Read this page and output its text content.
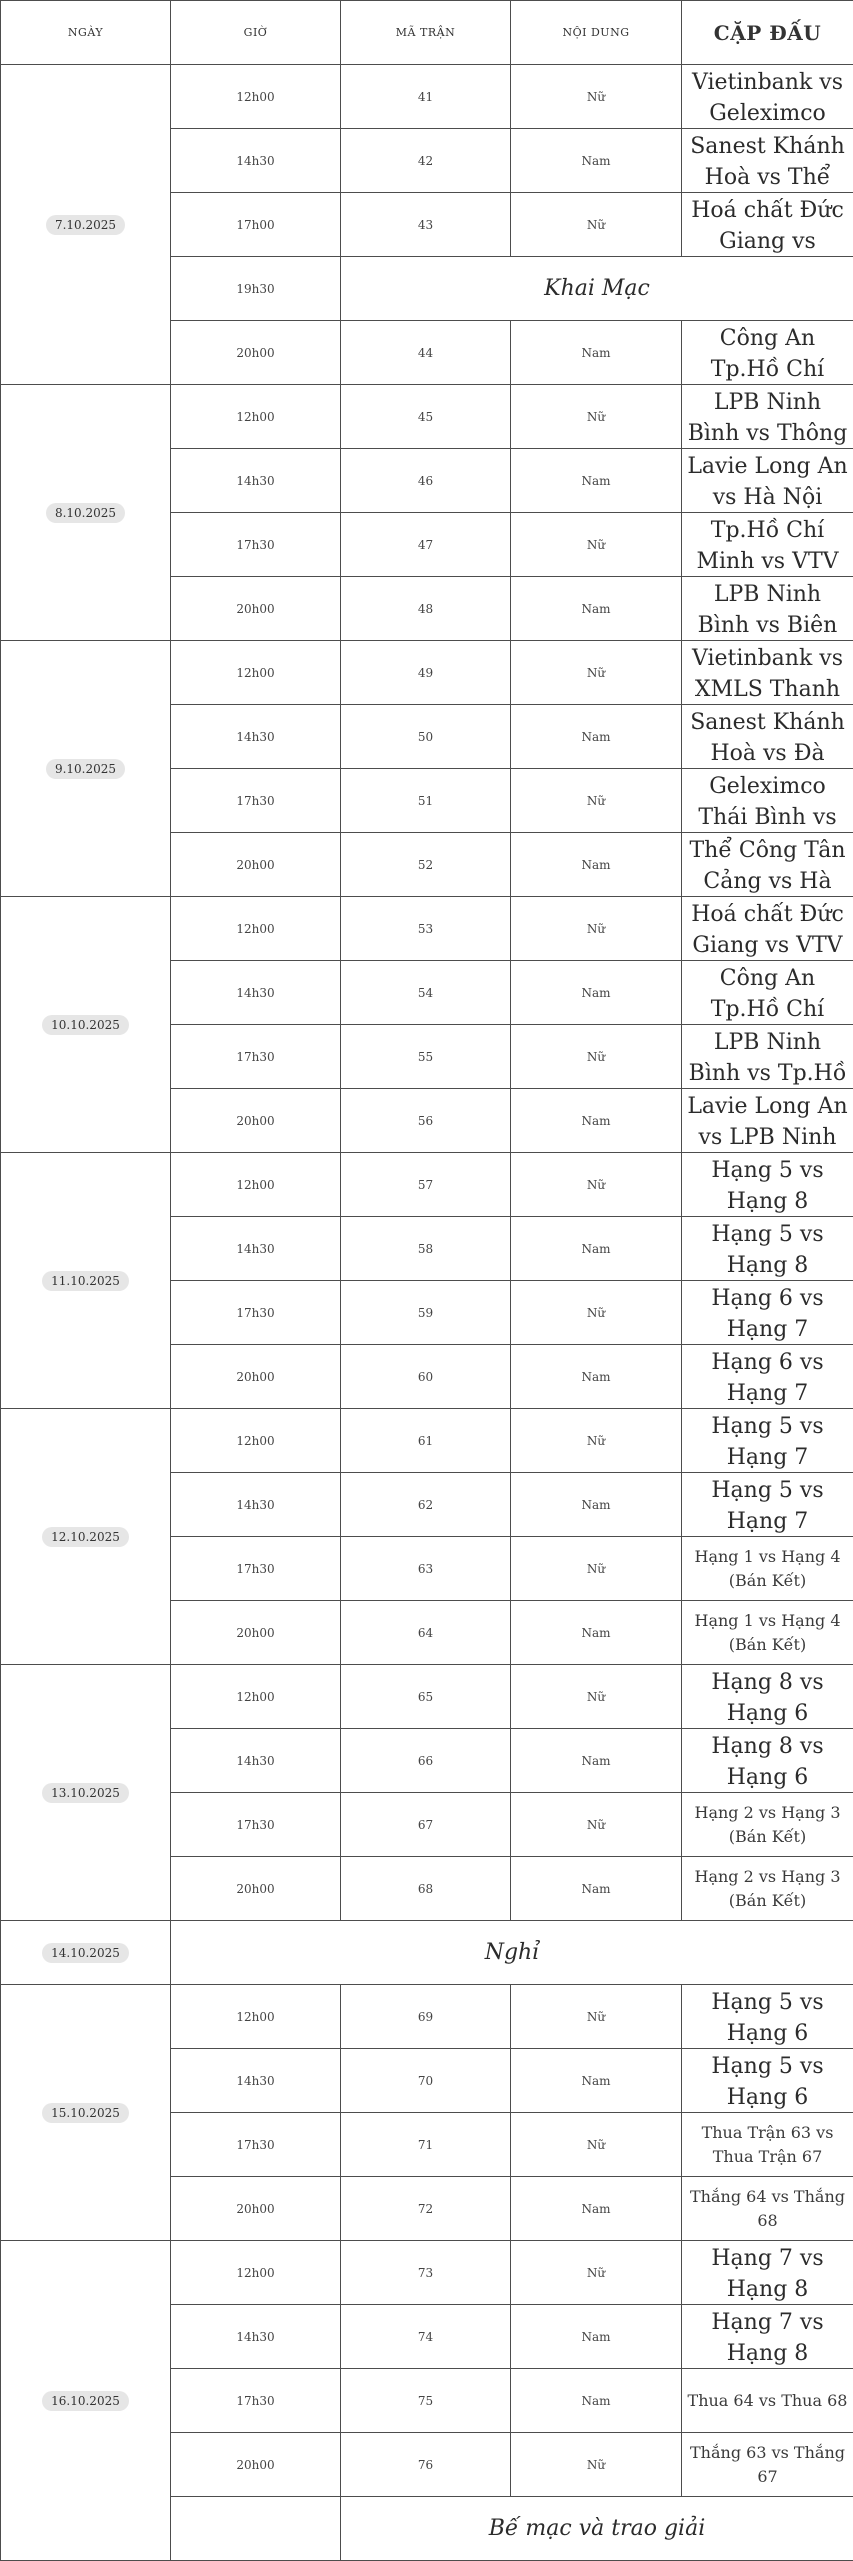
NGÀY	GIỜ	MÃ TRẬN	NỘI DUNG	CẶP ĐẤU
7.10.2025	12h00	41	Nữ	Vietinbank vs Geleximco

	14h30	42	Nam	Sanest Khánh Hoà vs Thể

	17h00	43	Nữ	Hoá chất Đức Giang vs

	19h30	Khai Mạc		
	20h00	44	Nam	Công An Tp.Hồ Chí

8.10.2025	12h00	45	Nữ	LPB Ninh Bình vs Thông

	14h30	46	Nam	Lavie Long An vs Hà Nội

	17h30	47	Nữ	Tp.Hồ Chí Minh vs VTV

	20h00	48	Nam	LPB Ninh Bình vs Biên

9.10.2025	12h00	49	Nữ	Vietinbank vs XMLS Thanh

	14h30	50	Nam	Sanest Khánh Hoà vs Đà

	17h30	51	Nữ	Geleximco Thái Bình vs

	20h00	52	Nam	Thể Công Tân Cảng vs Hà

10.10.2025	12h00	53	Nữ	Hoá chất Đức Giang vs VTV

	14h30	54	Nam	Công An Tp.Hồ Chí

	17h30	55	Nữ	LPB Ninh Bình vs Tp.Hồ

	20h00	56	Nam	Lavie Long An vs LPB Ninh

11.10.2025	12h00	57	Nữ	Hạng 5 vs Hạng 8

	14h30	58	Nam	Hạng 5 vs Hạng 8

	17h30	59	Nữ	Hạng 6 vs Hạng 7

	20h00	60	Nam	Hạng 6 vs Hạng 7

12.10.2025	12h00	61	Nữ	Hạng 5 vs Hạng 7

	14h30	62	Nam	Hạng 5 vs Hạng 7

	17h30	63	Nữ	Hạng 1 vs Hạng 4 (Bán Kết)

	20h00	64	Nam	Hạng 1 vs Hạng 4 (Bán Kết)

13.10.2025	12h00	65	Nữ	Hạng 8 vs Hạng 6

	14h30	66	Nam	Hạng 8 vs Hạng 6

	17h30	67	Nữ	Hạng 2 vs Hạng 3 (Bán Kết)

	20h00	68	Nam	Hạng 2 vs Hạng 3 (Bán Kết)

14.10.2025	Nghỉ			
15.10.2025	12h00	69	Nữ	Hạng 5 vs Hạng 6

	14h30	70	Nam	Hạng 5 vs Hạng 6

	17h30	71	Nữ	Thua Trận 63 vs Thua Trận 67

	20h00	72	Nam	Thắng 64 vs Thắng 68

16.10.2025	12h00	73	Nữ	Hạng 7 vs Hạng 8

	14h30	74	Nam	Hạng 7 vs Hạng 8

	17h30	75	Nam	Thua 64 vs Thua 68

	20h00	76	Nữ	Thắng 63 vs Thắng 67

		Bế mạc và trao giải		
